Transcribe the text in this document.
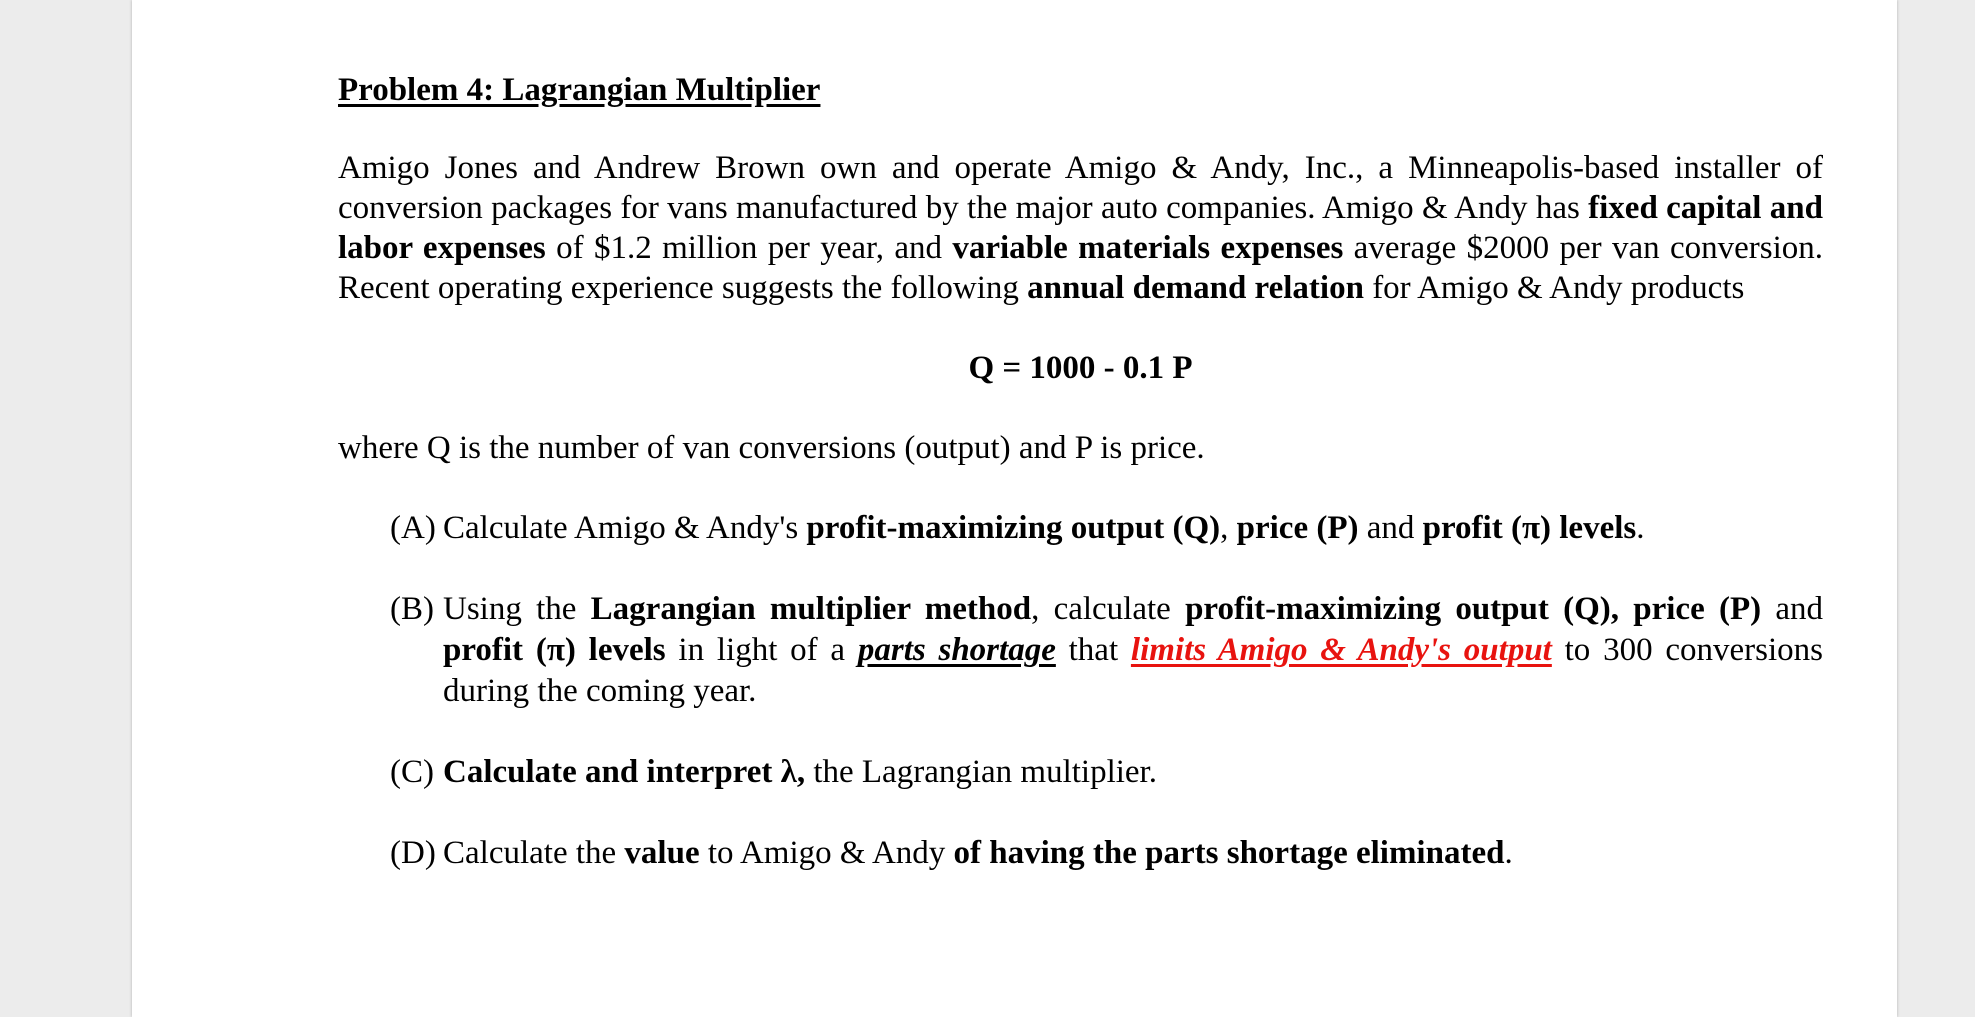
Problem 4: Lagrangian Multiplier

Amigo Jones and Andrew Brown own and operate Amigo & Andy, Inc., a Minneapolis-based installer of conversion packages for vans manufactured by the major auto companies. Amigo & Andy has fixed capital and labor expenses of $1.2 million per year, and variable materials expenses average $2000 per van conversion. Recent operating experience suggests the following annual demand relation for Amigo & Andy products

Q = 1000 - 0.1 P
where Q is the number of van conversions (output) and P is price.
(A) Calculate Amigo & Andy's profit-maximizing output (Q), price (P) and profit (π) levels.
(B) Using the Lagrangian multiplier method, calculate profit-maximizing output (Q), price (P) and profit (π) levels in light of a parts shortage that limits Amigo & Andy's output to 300 conversions during the coming year.
(C) Calculate and interpret λ, the Lagrangian multiplier.
(D) Calculate the value to Amigo & Andy of having the parts shortage eliminated.
